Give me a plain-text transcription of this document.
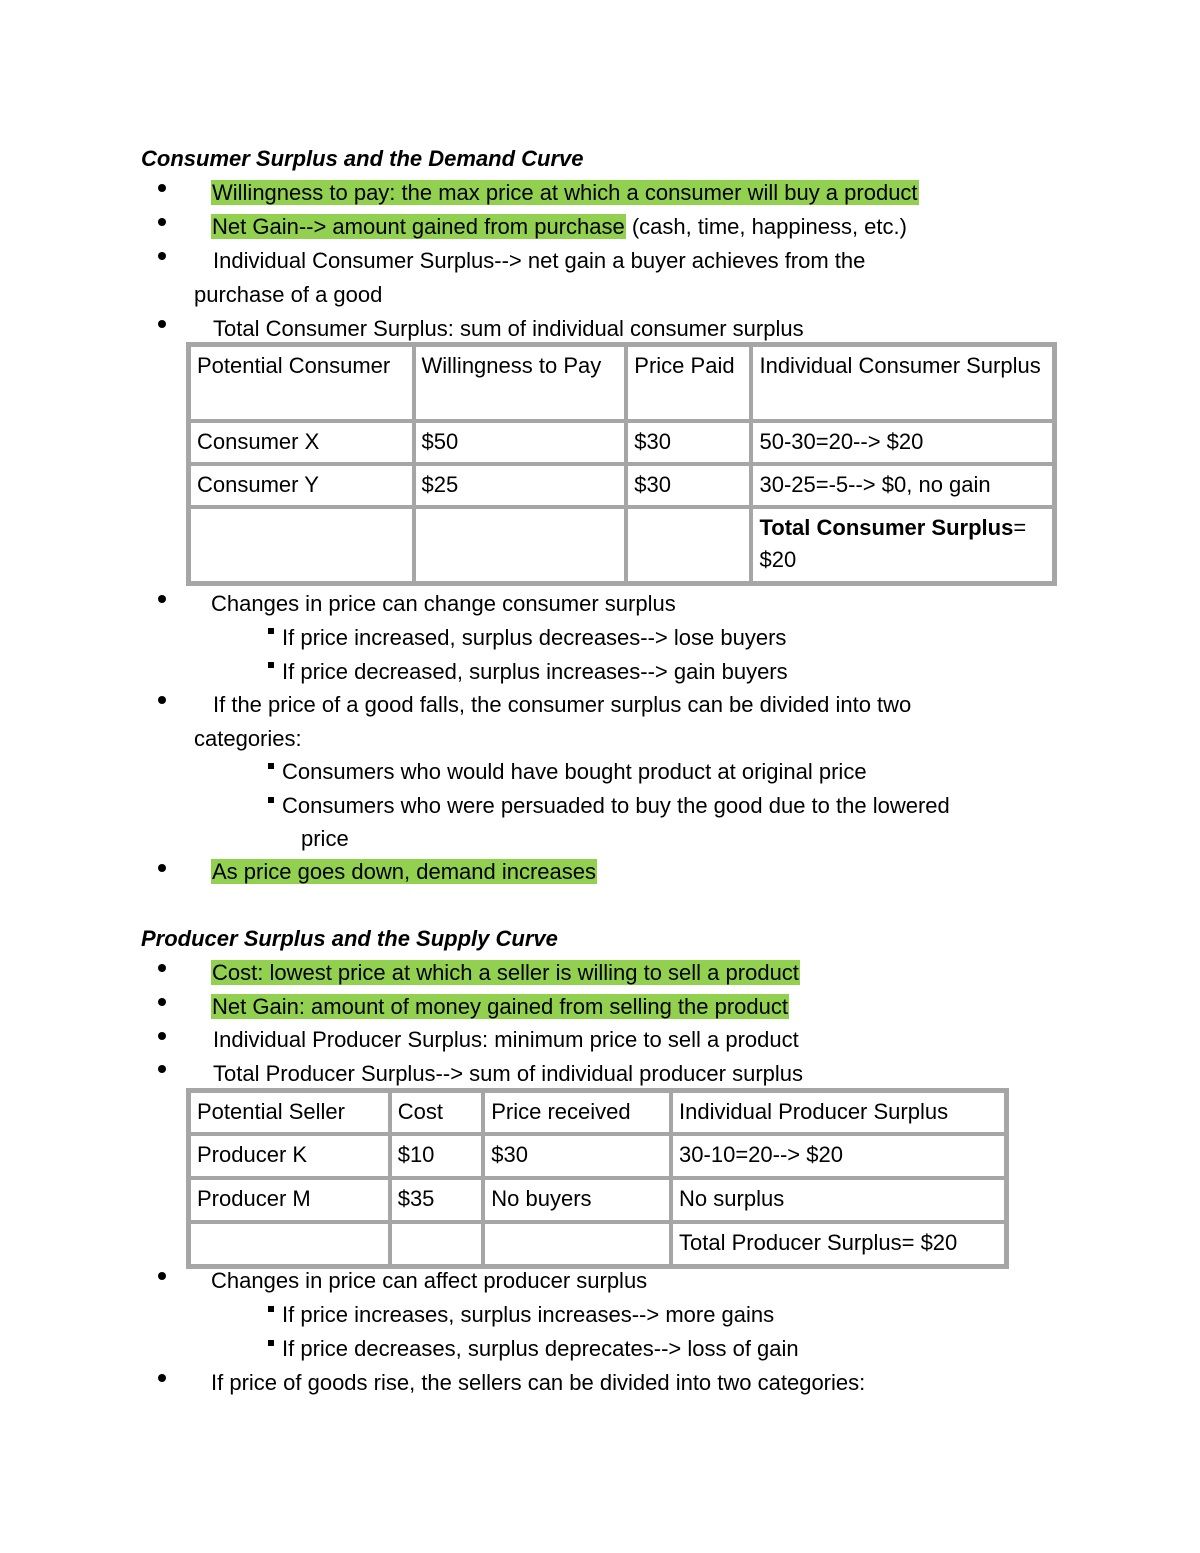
Consumer Surplus and the Demand Curve
Willingness to pay: the max price at which a consumer will buy a product
Net Gain--> amount gained from purchase (cash, time, happiness, etc.)
Individual Consumer Surplus--> net gain a buyer achieves from the
purchase of a good
Total Consumer Surplus: sum of individual consumer surplus
Potential Consumer	Willingness to Pay	Price Paid	Individual Consumer Surplus
Consumer X	$50	$30	50-30=20--> $20
Consumer Y	$25	$30	30-25=-5--> $0, no gain
			Total Consumer Surplus= $20
Changes in price can change consumer surplus
If price increased, surplus decreases--> lose buyers
If price decreased, surplus increases--> gain buyers
If the price of a good falls, the consumer surplus can be divided into two
categories:
Consumers who would have bought product at original price
Consumers who were persuaded to buy the good due to the lowered
price
As price goes down, demand increases
Producer Surplus and the Supply Curve
Cost: lowest price at which a seller is willing to sell a product
Net Gain: amount of money gained from selling the product
Individual Producer Surplus: minimum price to sell a product
Total Producer Surplus--> sum of individual producer surplus
Potential Seller	Cost	Price received	Individual Producer Surplus
Producer K	$10	$30	30-10=20--> $20
Producer M	$35	No buyers	No surplus
			Total Producer Surplus= $20
Changes in price can affect producer surplus
If price increases, surplus increases--> more gains
If price decreases, surplus deprecates--> loss of gain
If price of goods rise, the sellers can be divided into two categories:
